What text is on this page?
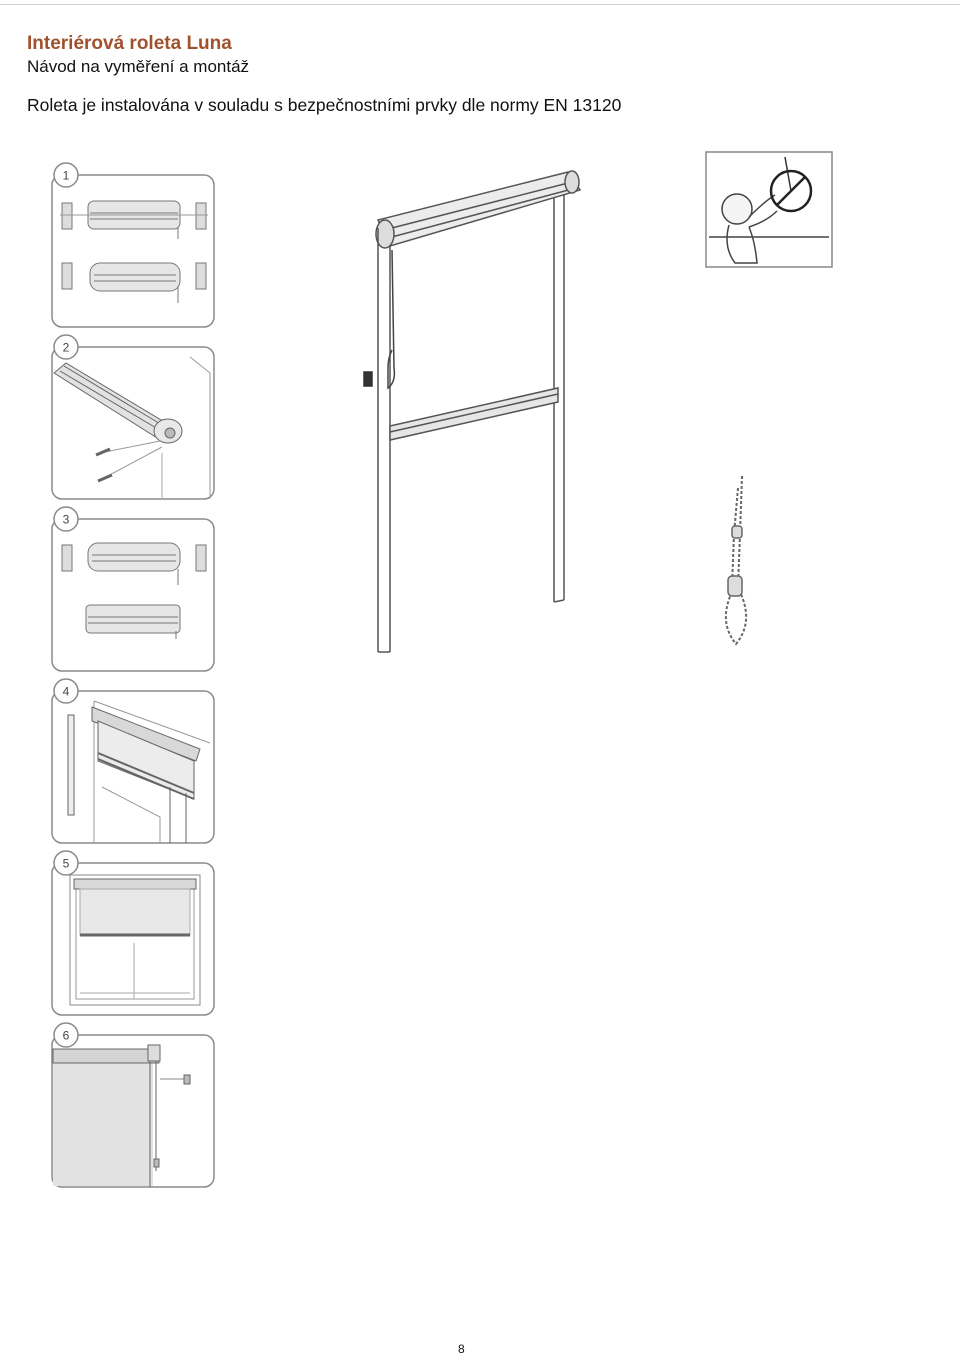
Interiérová roleta Luna
Návod na vyměření a montáž
Roleta je instalována v souladu s bezpečnostními prvky dle normy EN 13120
1
2
3
4
5
6
8
